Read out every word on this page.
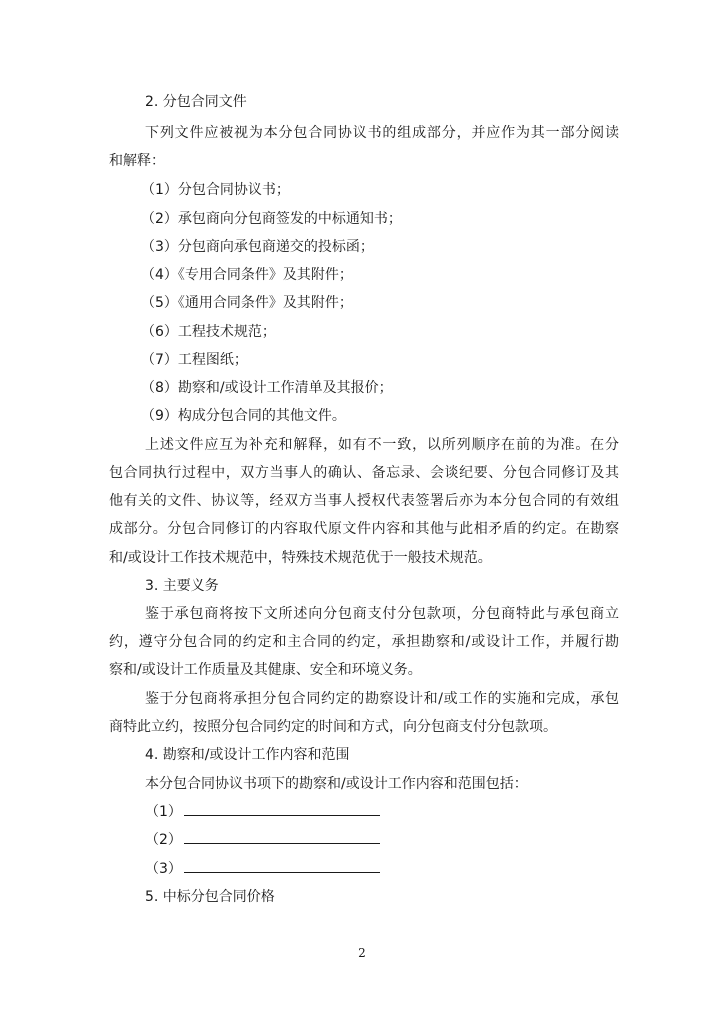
2. 分包合同文件
下列文件应被视为本分包合同协议书的组成部分，并应作为其一部分阅读
和解释：
（1）分包合同协议书；
（2）承包商向分包商签发的中标通知书；
（3）分包商向承包商递交的投标函；
（4）《专用合同条件》及其附件；
（5）《通用合同条件》及其附件；
（6）工程技术规范；
（7）工程图纸；
（8）勘察和/或设计工作清单及其报价；
（9）构成分包合同的其他文件。
上述文件应互为补充和解释，如有不一致，以所列顺序在前的为准。在分
包合同执行过程中，双方当事人的确认、备忘录、会谈纪要、分包合同修订及其
他有关的文件、协议等，经双方当事人授权代表签署后亦为本分包合同的有效组
成部分。分包合同修订的内容取代原文件内容和其他与此相矛盾的约定。在勘察
和/或设计工作技术规范中，特殊技术规范优于一般技术规范。
3. 主要义务
鉴于承包商将按下文所述向分包商支付分包款项，分包商特此与承包商立
约，遵守分包合同的约定和主合同的约定，承担勘察和/或设计工作，并履行勘
察和/或设计工作质量及其健康、安全和环境义务。
鉴于分包商将承担分包合同约定的勘察设计和/或工作的实施和完成，承包
商特此立约，按照分包合同约定的时间和方式，向分包商支付分包款项。
4. 勘察和/或设计工作内容和范围
本分包合同协议书项下的勘察和/或设计工作内容和范围包括：
（1）
（2）
（3）
5. 中标分包合同价格
2
